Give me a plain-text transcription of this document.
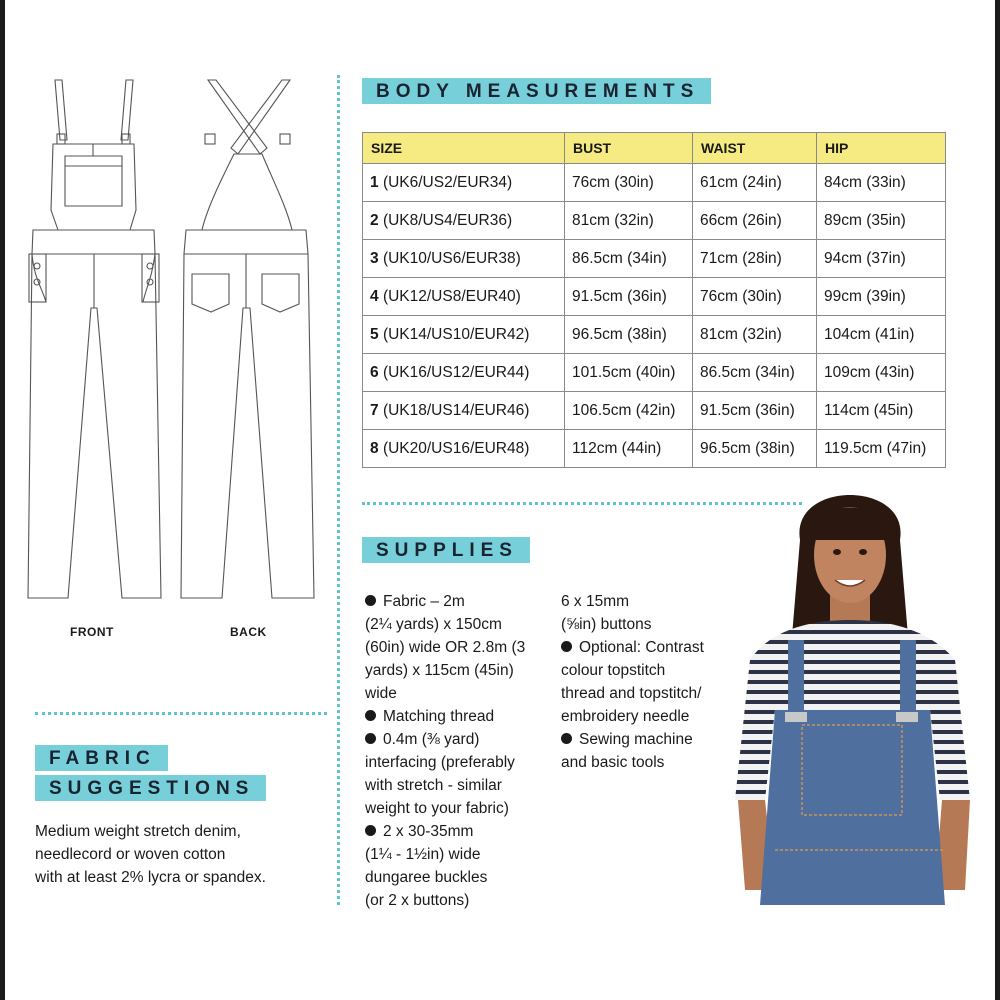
FRONT	BACK
BODY MEASUREMENTS
SIZE	BUST	WAIST	HIP
1 (UK6/US2/EUR34)	76cm (30in)	61cm (24in)	84cm (33in)
2 (UK8/US4/EUR36)	81cm (32in)	66cm (26in)	89cm (35in)
3 (UK10/US6/EUR38)	86.5cm (34in)	71cm (28in)	94cm (37in)
4 (UK12/US8/EUR40)	91.5cm (36in)	76cm (30in)	99cm (39in)
5 (UK14/US10/EUR42)	96.5cm (38in)	81cm (32in)	104cm (41in)
6 (UK16/US12/EUR44)	101.5cm (40in)	86.5cm (34in)	109cm (43in)
7 (UK18/US14/EUR46)	106.5cm (42in)	91.5cm (36in)	114cm (45in)
8 (UK20/US16/EUR48)	112cm (44in)	96.5cm (38in)	119.5cm (47in)
SUPPLIES

Fabric – 2m

(2¼ yards) x 150cm

(60in) wide OR 2.8m (3

yards) x 115cm (45in)

wide

Matching thread

0.4m (⅜ yard)

interfacing (preferably

with stretch - similar

weight to your fabric)

2 x 30-35mm

(1¼ - 1½in) wide

dungaree buckles

(or 2 x buttons)

6 x 15mm

(⅝in) buttons

Optional: Contrast

colour topstitch

thread and topstitch/

embroidery needle

Sewing machine

and basic tools

FABRIC
SUGGESTIONS
Medium weight stretch denim,
needlecord or woven cotton
with at least 2% lycra or spandex.
